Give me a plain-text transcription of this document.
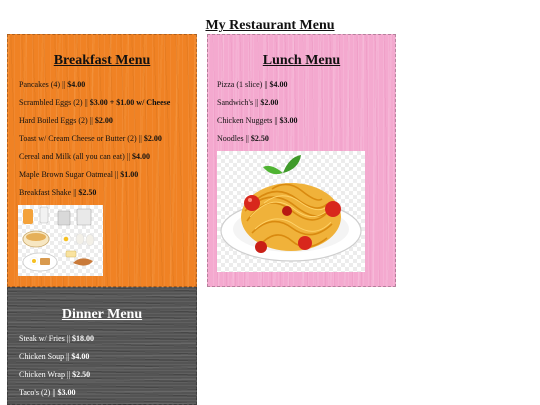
My Restaurant Menu
Breakfast Menu
Pancakes (4) || $4.00
Scrambled Eggs (2) || $3.00 + $1.00 w/ Cheese
Hard Boiled Eggs (2) || $2.00
Toast w/ Cream Cheese or Butter (2) || $2.00
Cereal and Milk (all you can eat) || $4.00
Maple Brown Sugar Oatmeal || $1.00
Breakfast Shake || $2.50
Lunch Menu
Pizza (1 slice) || $4.00
Sandwich's || $2.00
Chicken Nuggets || $3.00
Noodles || $2.50
Dinner Menu
Steak w/ Fries || $18.00
Chicken Soup || $4.00
Chicken Wrap || $2.50
Taco's (2) || $3.00
